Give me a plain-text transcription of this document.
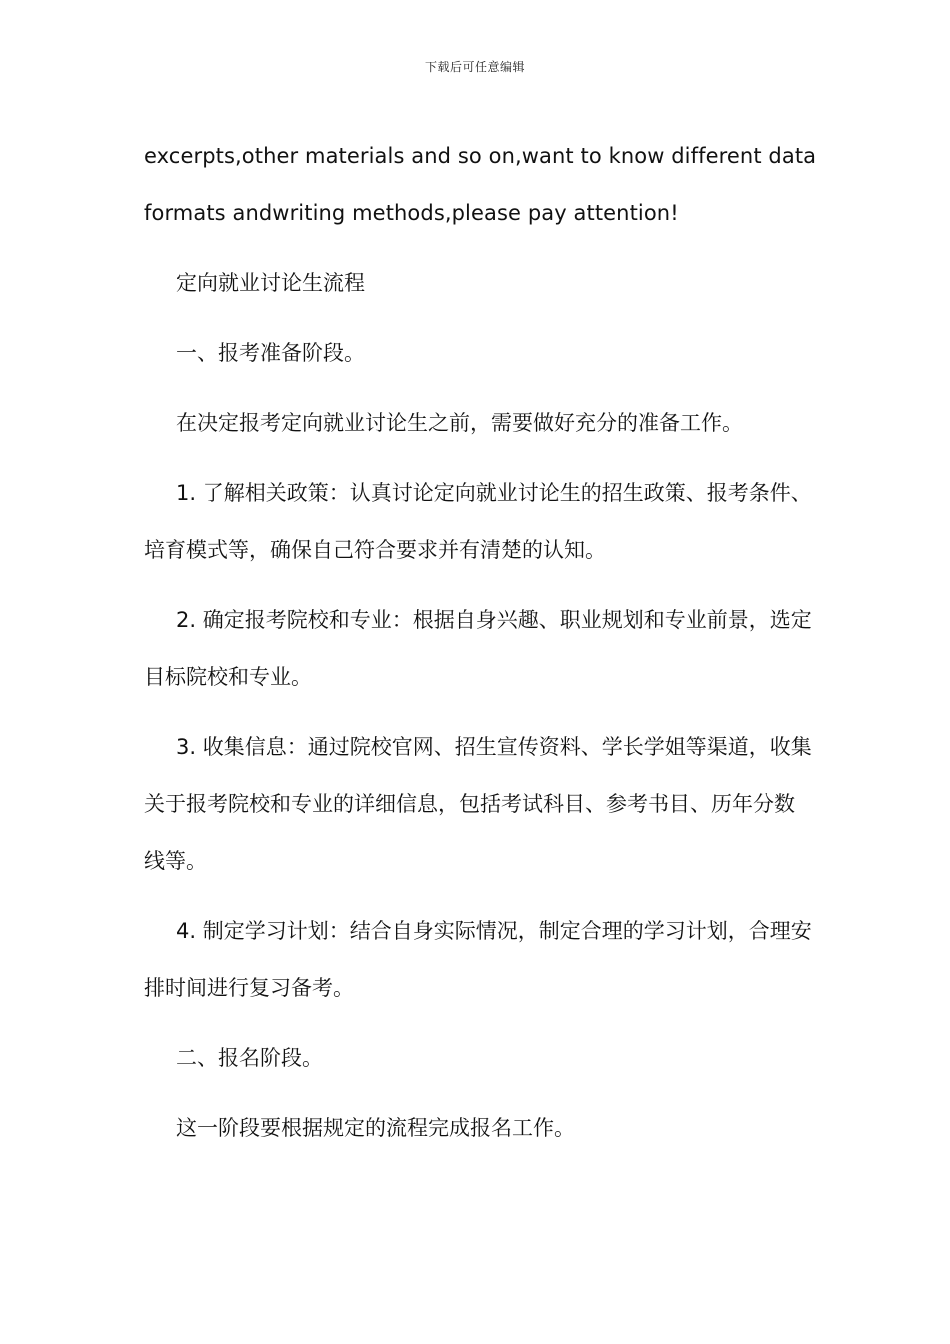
下载后可任意编辑
excerpts,other materials and so on,want to know different data
formats andwriting methods,please pay attention!
定向就业讨论生流程
一、报考准备阶段。
在决定报考定向就业讨论生之前，需要做好充分的准备工作。
1. 了解相关政策：认真讨论定向就业讨论生的招生政策、报考条件、
培育模式等，确保自己符合要求并有清楚的认知。
2. 确定报考院校和专业：根据自身兴趣、职业规划和专业前景，选定
目标院校和专业。
3. 收集信息：通过院校官网、招生宣传资料、学长学姐等渠道，收集
关于报考院校和专业的详细信息，包括考试科目、参考书目、历年分数
线等。
4. 制定学习计划：结合自身实际情况，制定合理的学习计划，合理安
排时间进行复习备考。
二、报名阶段。
这一阶段要根据规定的流程完成报名工作。
